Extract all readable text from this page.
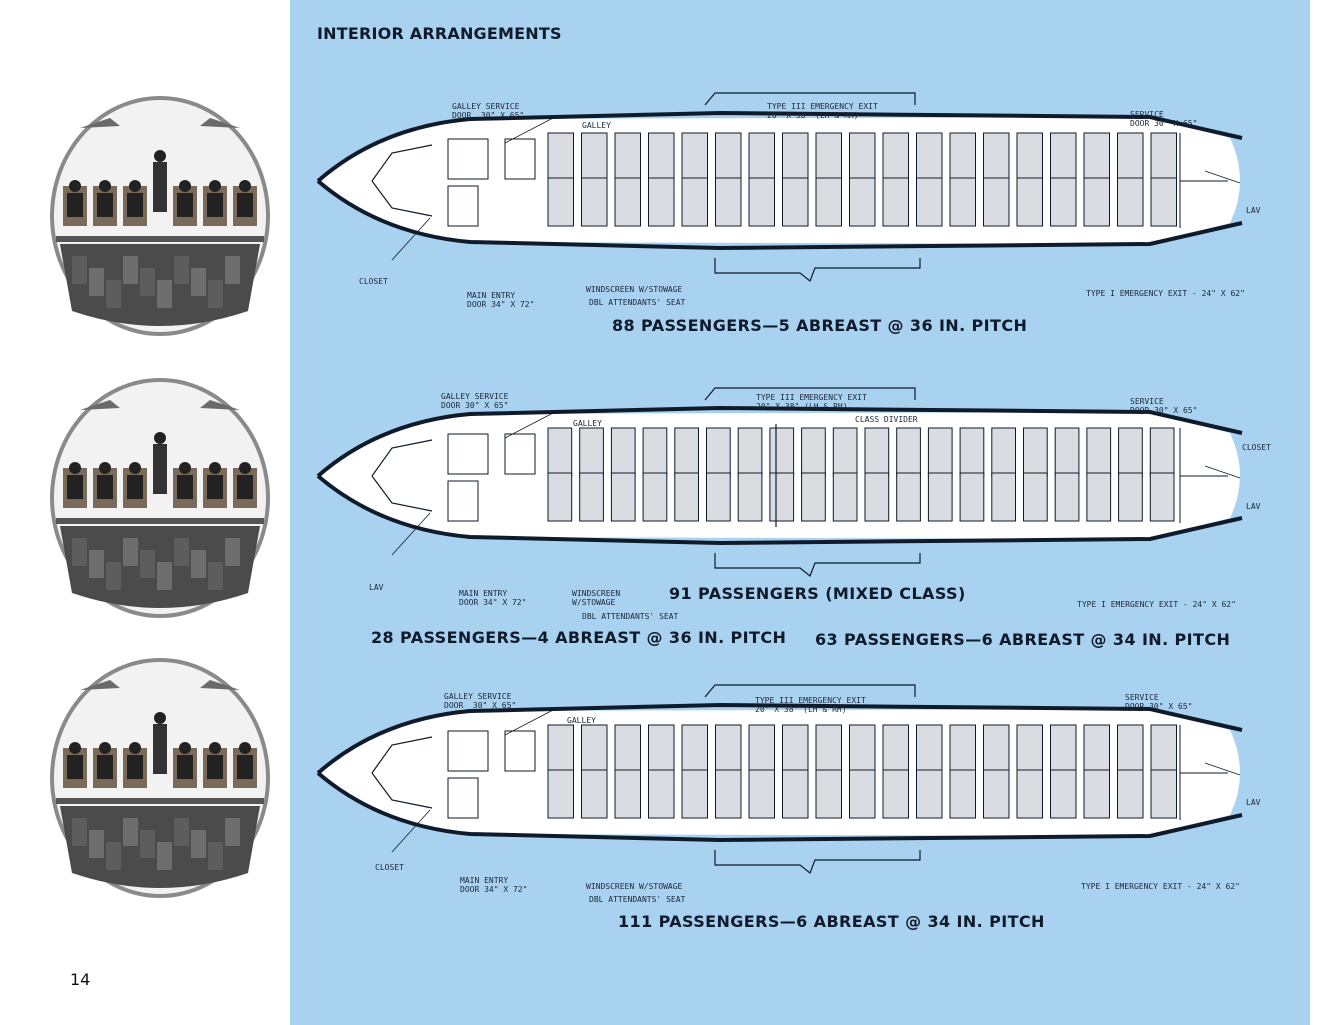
INTERIOR ARRANGEMENTS
14
GALLEY SERVICE
DOOR  30" X 65"
GALLEY
TYPE III EMERGENCY EXIT
20" X 38" (LH & RH)	SERVICE
DOOR 30" X 65"
LAV
CLOSET
MAIN ENTRY
DOOR 34" X 72"
WINDSCREEN W/STOWAGE
DBL ATTENDANTS' SEAT
TYPE I EMERGENCY EXIT - 24" X 62"
88 PASSENGERS—5 ABREAST @ 36 IN. PITCH
GALLEY SERVICE
DOOR 30" X 65"
GALLEY
TYPE III EMERGENCY EXIT
20" X 38" (LH & RH)
CLASS DIVIDER
SERVICE
DOOR 30" X 65"
CLOSET
LAV
LAV
MAIN ENTRY
DOOR 34" X 72"
WINDSCREEN
W/STOWAGE
DBL ATTENDANTS' SEAT
TYPE I EMERGENCY EXIT - 24" X 62"
91 PASSENGERS (MIXED CLASS)
28 PASSENGERS—4 ABREAST @ 36 IN. PITCH 63 PASSENGERS—6 ABREAST @ 34 IN. PITCH
GALLEY SERVICE
DOOR  30" X 65"
GALLEY
TYPE III EMERGENCY EXIT
20" X 38" (LH & RH)
SERVICE
DOOR 30" X 65"
LAV
CLOSET
MAIN ENTRY
DOOR 34" X 72"	WINDSCREEN W/STOWAGE
DBL ATTENDANTS' SEAT
TYPE I EMERGENCY EXIT - 24" X 62"
111 PASSENGERS—6 ABREAST @ 34 IN. PITCH
